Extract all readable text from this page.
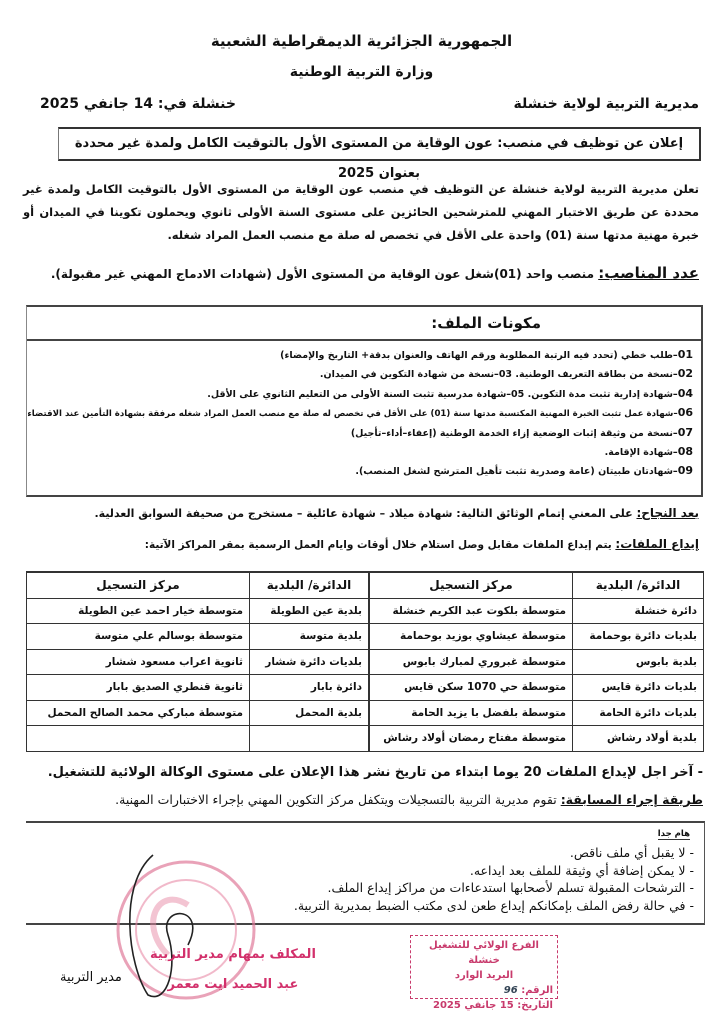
الجمهورية الجزائرية الديمقراطية الشعبية
وزارة التربية الوطنية
مديرية التربية لولاية خنشلة
خنشلة في: 14 جانفي 2025
إعلان عن توظيف في منصب: عون الوقاية من المستوى الأول بالتوقيت الكامل ولمدة غير محددة بعنوان 2025
تعلن مديرية التربية لولاية خنشلة عن التوظيف في منصب عون الوقاية من المستوى الأول بالتوقيت الكامل ولمدة غير محددة عن طريق الاختبار المهني للمترشحين الحائزين على مستوى السنة الأولى ثانوي ويحملون تكوينا في الميدان أو خبرة مهنية مدتها سنة (01) واحدة على الأقل في تخصص له صلة مع منصب العمل المراد شغله.
عدد المناصب: منصب واحد (01)شغل عون الوقاية من المستوى الأول (شهادات الادماج المهني غير مقبولة).
مكونات الملف:
01–طلب خطي (تحدد فيه الرتبة المطلوبة ورقم الهاتف والعنوان بدقة+ التاريخ والإمضاء)
02–نسخة من بطاقة التعريف الوطنية. 03–نسخة من شهادة التكوين في الميدان.
04–شهادة إدارية تثبت مدة التكوين. 05–شهادة مدرسية تثبت السنة الأولى من التعليم الثانوي على الأقل.
06–شهادة عمل تثبت الخبرة المهنية المكتسبة مدتها سنة (01) على الأقل في تخصص له صلة مع منصب العمل المراد شغله مرفقة بشهادة التأمين عند الاقتضاء
07–نسخة من وثيقة إثبات الوضعية إزاء الخدمة الوطنية (إعفاء–أداء–تأجيل)
08–شهادة الإقامة.
09–شهادتان طبيتان (عامة وصدرية تثبت تأهيل المترشح لشغل المنصب).
بعد النجاح: على المعني إتمام الوثائق التالية: شهادة ميلاد – شهادة عائلية – مستخرج من صحيفة السوابق العدلية.
إيداع الملفات: يتم إيداع الملفات مقابل وصل استلام خلال أوقات وايام العمل الرسمية بمقر المراكز الآتية:
الدائرة/ البلدية	مركز التسجيل	الدائرة/ البلدية	مركز التسجيل
دائرة خنشلة	متوسطة بلكوت عبد الكريم خنشلة	بلدية عين الطويلة	متوسطة خيار احمد عين الطويلة
بلديات دائرة بوحمامة	متوسطة عيشاوي بوزيد بوحمامة	بلدية متوسة	متوسطة بوسالم علي متوسة
بلدية بابوس	متوسطة غبروري لمبارك بابوس	بلديات دائرة ششار	ثانوية اعراب مسعود ششار
بلديات دائرة قايس	متوسطة حي 1070 سكن قايس	دائرة بابار	ثانوية قنطري الصديق بابار
بلديات دائرة الحامة	متوسطة بلفضل با يزيد الحامة	بلدية المحمل	متوسطة مباركي محمد الصالح المحمل
بلدية أولاد رشاش	متوسطة مفتاح رمضان أولاد رشاش		
- آخر اجل لإيداع الملفات 20 يوما ابتداء من تاريخ نشر هذا الإعلان على مستوى الوكالة الولائية للتشغيل.
طريقة إجراء المسابقة: تقوم مديرية التربية بالتسجيلات ويتكفل مركز التكوين المهني بإجراء الاختبارات المهنية.
هام جدا
- لا يقبل أي ملف ناقص.
- لا يمكن إضافة أي وثيقة للملف بعد ايداعه.
- الترشحات المقبولة تسلم لأصحابها استدعاءات من مراكز إيداع الملف.
- في حالة رفض الملف بإمكانكم إيداع طعن لدى مكتب الضبط بمديرية التربية.
المكلف بمهام مدير التربية
عبد الحميد ايت معمر
الفرع الولائي للتشغيل خنشلة
البريد الوارد
الرقم: 96
التاريخ: 15 جانفي 2025
مدير التربية
